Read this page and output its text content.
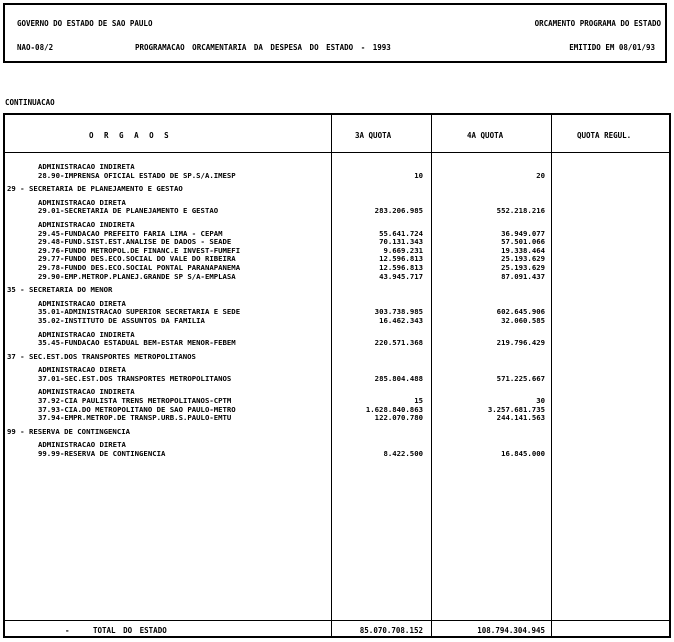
GOVERNO DO ESTADO DE SAO PAULO	ORCAMENTO PROGRAMA DO ESTADO
NAO-08/2	PROGRAMACAO ORCAMENTARIA DA DESPESA DO ESTADO - 1993	EMITIDO EM 08/01/93
CONTINUACAO
O R G A O S	3A QUOTA	4A QUOTA	QUOTA REGUL.
ADMINISTRACAO INDIRETA
28.90-IMPRENSA OFICIAL ESTADO DE SP.S/A.IMESP	10	20
29 - SECRETARIA DE PLANEJAMENTO E GESTAO
ADMINISTRACAO DIRETA
29.01-SECRETARIA DE PLANEJAMENTO E GESTAO	283.206.985	552.218.216
ADMINISTRACAO INDIRETA
29.45-FUNDACAO PREFEITO FARIA LIMA - CEPAM	55.641.724	36.949.077
29.48-FUND.SIST.EST.ANALISE DE DADOS - SEADE	70.131.343	57.501.066
29.76-FUNDO METROPOL.DE FINANC.E INVEST-FUMEFI	9.669.231	19.338.464
29.77-FUNDO DES.ECO.SOCIAL DO VALE DO RIBEIRA	12.596.813	25.193.629
29.78-FUNDO DES.ECO.SOCIAL PONTAL PARANAPANEMA	12.596.813	25.193.629
29.90-EMP.METROP.PLANEJ.GRANDE SP S/A-EMPLASA	43.945.717	87.091.437
35 - SECRETARIA DO MENOR
ADMINISTRACAO DIRETA
35.01-ADMINISTRACAO SUPERIOR SECRETARIA E SEDE	303.738.985	602.645.906
35.02-INSTITUTO DE ASSUNTOS DA FAMILIA	16.462.343	32.060.585
ADMINISTRACAO INDIRETA
35.45-FUNDACAO ESTADUAL BEM-ESTAR MENOR-FEBEM	220.571.368	219.796.429
37 - SEC.EST.DOS TRANSPORTES METROPOLITANOS
ADMINISTRACAO DIRETA
37.01-SEC.EST.DOS TRANSPORTES METROPOLITANOS	285.804.488	571.225.667
ADMINISTRACAO INDIRETA
37.92-CIA PAULISTA TRENS METROPOLITANOS-CPTM	15	30
37.93-CIA.DO METROPOLITANO DE SAO PAULO-METRO	1.628.840.863	3.257.681.735
37.94-EMPR.METROP.DE TRANSP.URB.S.PAULO-EMTU	122.070.780	244.141.563
99 - RESERVA DE CONTINGENCIA
ADMINISTRACAO DIRETA
99.99-RESERVA DE CONTINGENCIA	8.422.500	16.845.000
-	TOTAL DO ESTADO	85.070.708.152	108.794.304.945
